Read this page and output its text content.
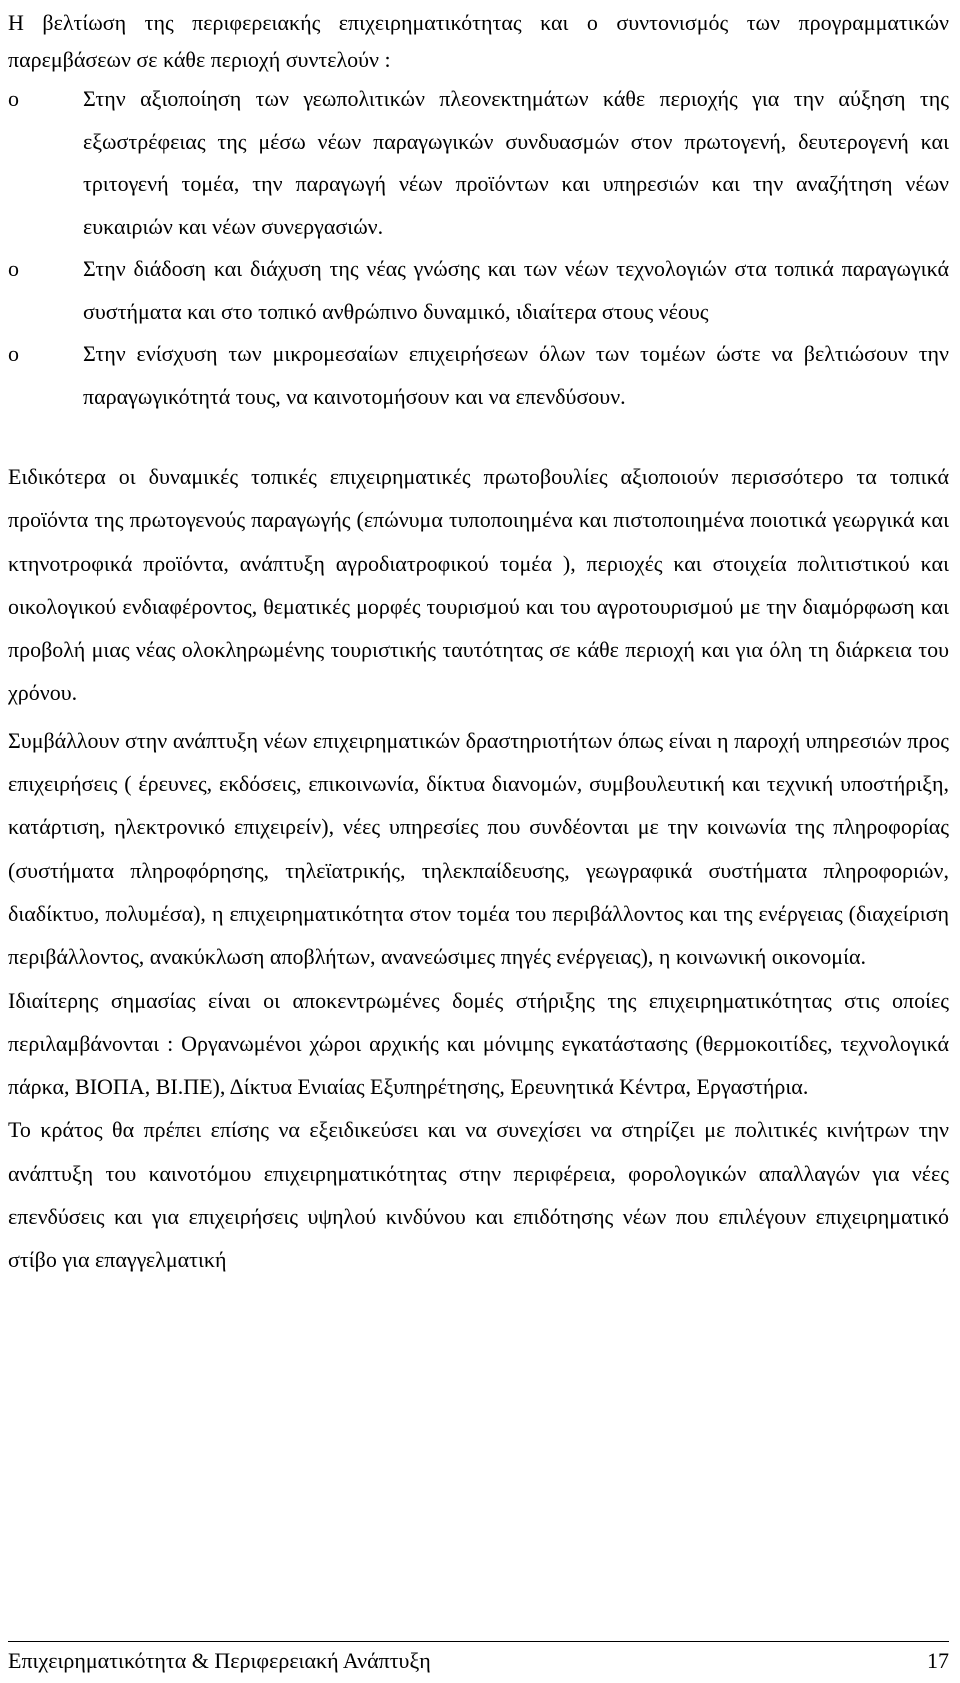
Η βελτίωση της περιφερειακής επιχειρηματικότητας και ο συντονισμός των προγραμματικών παρεμβάσεων σε κάθε περιοχή συντελούν :

o	Στην αξιοποίηση των γεωπολιτικών πλεονεκτημάτων κάθε περιοχής για την αύξηση της εξωστρέφειας της μέσω νέων παραγωγικών συνδυασμών στον πρωτογενή, δευτερογενή και τριτογενή τομέα, την παραγωγή νέων προϊόντων και υπηρεσιών και την αναζήτηση νέων ευκαιριών και νέων συνεργασιών.
o	Στην διάδοση και διάχυση της νέας γνώσης και των νέων τεχνολογιών στα τοπικά παραγωγικά συστήματα και στο τοπικό ανθρώπινο δυναμικό, ιδιαίτερα στους νέους
o	Στην ενίσχυση των μικρομεσαίων επιχειρήσεων όλων των τομέων ώστε να βελτιώσουν την παραγωγικότητά τους, να καινοτομήσουν και να επενδύσουν.

Ειδικότερα οι δυναμικές τοπικές επιχειρηματικές πρωτοβουλίες αξιοποιούν περισσότερο τα τοπικά προϊόντα της πρωτογενούς παραγωγής (επώνυμα τυποποιημένα και πιστοποιημένα ποιοτικά γεωργικά και κτηνοτροφικά προϊόντα, ανάπτυξη αγροδιατροφικού τομέα ), περιοχές και στοιχεία πολιτιστικού και οικολογικού ενδιαφέροντος, θεματικές μορφές τουρισμού και του αγροτουρισμού με την διαμόρφωση και προβολή μιας νέας ολοκληρωμένης τουριστικής ταυτότητας σε κάθε περιοχή και για όλη τη διάρκεια του χρόνου.

Συμβάλλουν στην ανάπτυξη νέων επιχειρηματικών δραστηριοτήτων όπως είναι η παροχή υπηρεσιών προς επιχειρήσεις ( έρευνες, εκδόσεις, επικοινωνία, δίκτυα διανομών, συμβουλευτική και τεχνική υποστήριξη, κατάρτιση, ηλεκτρονικό επιχειρείν), νέες υπηρεσίες που συνδέονται με την κοινωνία της πληροφορίας (συστήματα πληροφόρησης, τηλεϊατρικής, τηλεκπαίδευσης, γεωγραφικά συστήματα πληροφοριών, διαδίκτυο, πολυμέσα), η επιχειρηματικότητα στον τομέα του περιβάλλοντος και της ενέργειας (διαχείριση περιβάλλοντος, ανακύκλωση αποβλήτων, ανανεώσιμες πηγές ενέργειας), η κοινωνική οικονομία.

Ιδιαίτερης σημασίας είναι οι αποκεντρωμένες δομές στήριξης της επιχειρηματικότητας στις οποίες περιλαμβάνονται : Οργανωμένοι χώροι αρχικής και μόνιμης εγκατάστασης (θερμοκοιτίδες, τεχνολογικά πάρκα, ΒΙΟΠΑ, ΒΙ.ΠΕ), Δίκτυα Ενιαίας Εξυπηρέτησης, Ερευνητικά Κέντρα, Εργαστήρια.

Το κράτος θα πρέπει επίσης να εξειδικεύσει και να συνεχίσει να στηρίζει με πολιτικές κινήτρων την ανάπτυξη του καινοτόμου επιχειρηματικότητας στην περιφέρεια, φορολογικών απαλλαγών για νέες επενδύσεις και για επιχειρήσεις υψηλού κινδύνου και επιδότησης νέων που επιλέγουν επιχειρηματικό στίβο για επαγγελματική

Επιχειρηματικότητα & Περιφερειακή Ανάπτυξη	17
